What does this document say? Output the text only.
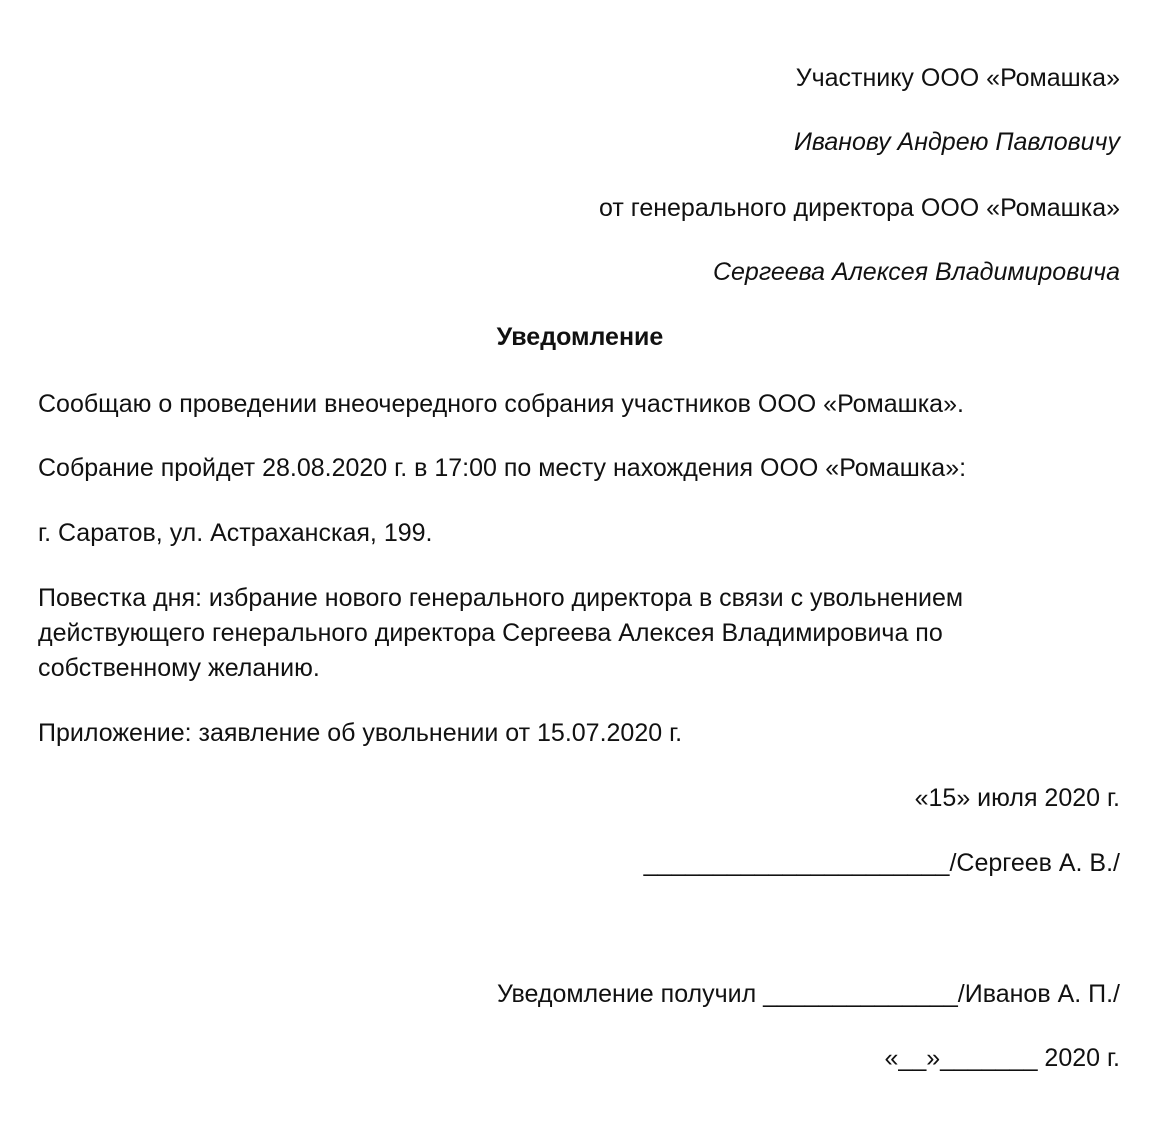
Участнику ООО «Ромашка»
Иванову Андрею Павловичу
от генерального директора ООО «Ромашка»
Сергеева Алексея Владимировича
Уведомление
Сообщаю о проведении внеочередного собрания участников ООО «Ромашка».
Собрание пройдет 28.08.2020 г. в 17:00 по месту нахождения ООО «Ромашка»:
г. Саратов, ул. Астраханская, 199.
Повестка дня: избрание нового генерального директора в связи с увольнением
действующего генерального директора Сергеева Алексея Владимировича по
собственному желанию.
Приложение: заявление об увольнении от 15.07.2020 г.
«15» июля 2020 г.
______________________/Сергеев А. В./
Уведомление получил ______________/Иванов А. П./
«__»_______ 2020 г.
